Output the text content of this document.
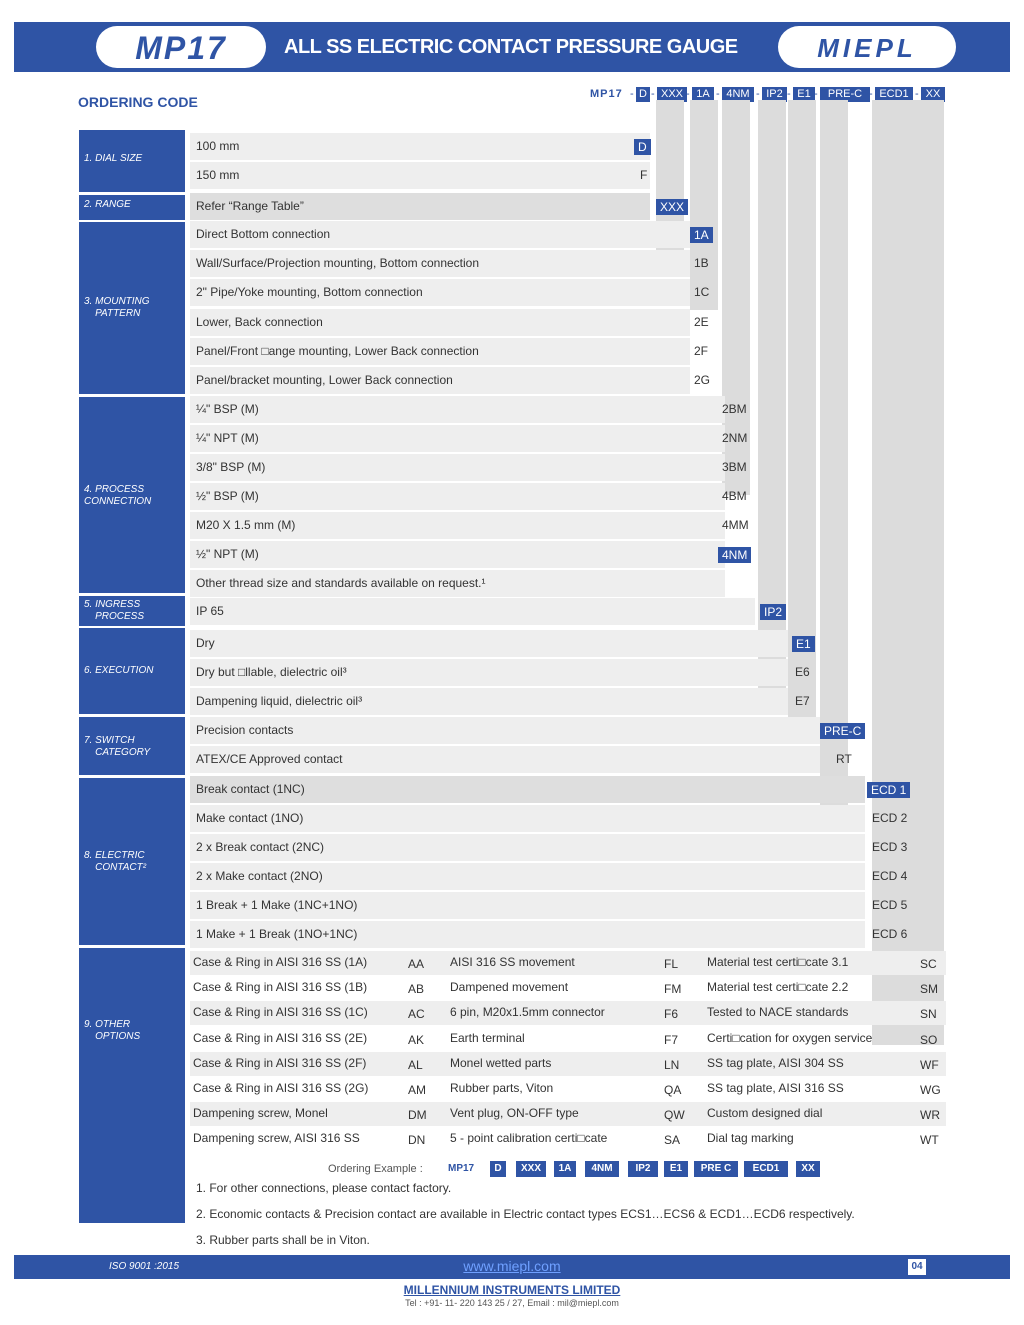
MP17	ALL SS ELECTRIC CONTACT PRESSURE GAUGE	MIEPL
ORDERING CODE	MP17 - D - XXX - 1A - 4NM - IP2 - E1 - PRE-C - ECD1 - XX
1. DIAL SIZE
100 mm	D
150 mm	F
2. RANGE	Refer “Range Table”	XXX
3. MOUNTING
PATTERN
Direct Bottom connection	1A
Wall/Surface/Projection mounting, Bottom connection	1B
2" Pipe/Yoke mounting, Bottom connection	1C
Lower, Back connection	2E
Panel/Front □ange mounting, Lower Back connection	2F
Panel/bracket mounting, Lower Back connection	2G
4. PROCESS
CONNECTION
¼" BSP (M)	2BM
¼" NPT (M)	2NM
3/8" BSP (M)	3BM
½" BSP (M)	4BM
M20 X 1.5 mm (M)	4MM
½" NPT (M)	4NM
Other thread size and standards available on request.¹
5. INGRESS
PROCESS	IP 65	IP2
6. EXECUTION
Dry	E1
Dry but □llable, dielectric oil³	E6
Dampening liquid, dielectric oil³	E7
7. SWITCH
CATEGORY
Precision contacts	PRE-C
ATEX/CE Approved contact	RT
8. ELECTRIC
CONTACT²
Break contact (1NC)	ECD 1
Make contact (1NO)	ECD 2
2 x Break contact (2NC)	ECD 3
2 x Make contact (2NO)	ECD 4
1 Break + 1 Make (1NC+1NO)	ECD 5
1 Make + 1 Break (1NO+1NC)	ECD 6
9. OTHER
OPTIONS
Case & Ring in AISI 316 SS (1A)	AA AISI 316 SS movement	FL Material test certi□cate 3.1	SC
Case & Ring in AISI 316 SS (1B)	AB Dampened movement	FM Material test certi□cate 2.2	SM
Case & Ring in AISI 316 SS (1C)	AC 6 pin, M20x1.5mm connector	F6 Tested to NACE standards	SN
Case & Ring in AISI 316 SS (2E)	AK Earth terminal	F7 Certi□cation for oxygen service	SO
Case & Ring in AISI 316 SS (2F)	AL Monel wetted parts	LN SS tag plate, AISI 304 SS	WF
Case & Ring in AISI 316 SS (2G)	AM Rubber parts, Viton	QA SS tag plate, AISI 316 SS	WG
Dampening screw, Monel	DM Vent plug, ON-OFF type	QW Custom designed dial	WR
Dampening screw, AISI 316 SS	DN 5 - point calibration certi□cate	SA Dial tag marking	WT
Ordering Example :	MP17	D	XXX	1A	4NM	IP2	E1	PRE C	ECD1	XX
1. For other connections, please contact factory.
2. Economic contacts & Precision contact are available in Electric contact types ECS1…ECS6 & ECD1…ECD6 respectively.
3. Rubber parts shall be in Viton.
ISO 9001 :2015	www.miepl.com	04
MILLENNIUM INSTRUMENTS LIMITED
Tel : +91- 11- 220 143 25 / 27, Email : mil@miepl.com
